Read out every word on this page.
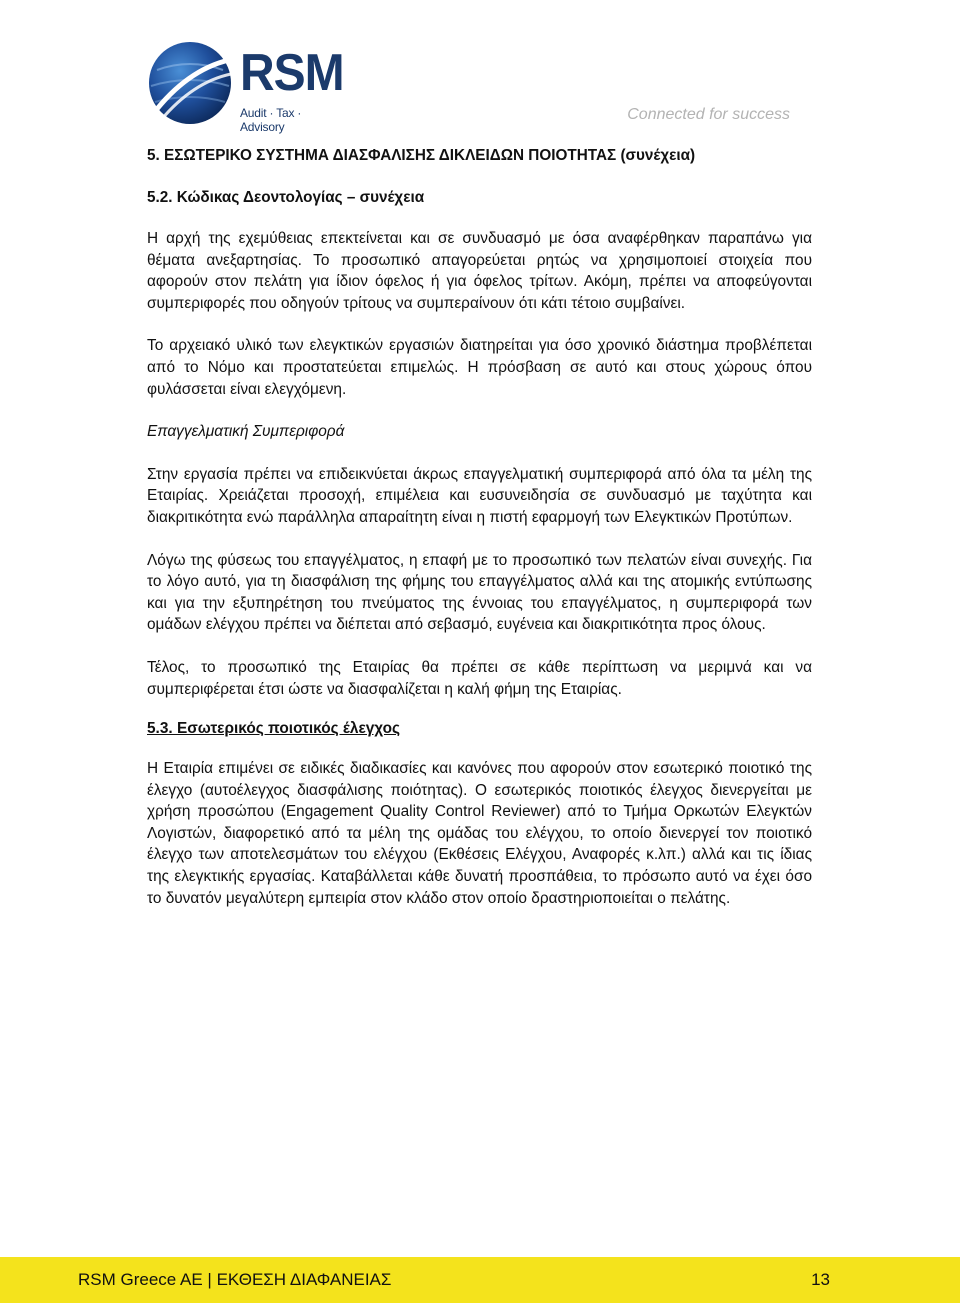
RSM
Audit · Tax · Advisory
Connected for success
5. ΕΣΩΤΕΡΙΚΟ ΣΥΣΤΗΜΑ ΔΙΑΣΦΑΛΙΣΗΣ ΔΙΚΛΕΙΔΩΝ ΠΟΙΟΤΗΤΑΣ (συνέχεια)
5.2. Κώδικας Δεοντολογίας – συνέχεια

Η αρχή της εχεμύθειας επεκτείνεται και σε συνδυασμό με όσα αναφέρθηκαν παραπάνω για θέματα ανεξαρτησίας. Το προσωπικό απαγορεύεται ρητώς να χρησιμοποιεί στοιχεία που αφορούν στον πελάτη για ίδιον όφελος ή για όφελος τρίτων. Ακόμη, πρέπει να αποφεύγονται συμπεριφορές που οδηγούν τρίτους να συμπεραίνουν ότι κάτι τέτοιο συμβαίνει.

Το αρχειακό υλικό των ελεγκτικών εργασιών διατηρείται για όσο χρονικό διάστημα προβλέπεται από το Νόμο και προστατεύεται επιμελώς. Η πρόσβαση σε αυτό και στους χώρους όπου φυλάσσεται είναι ελεγχόμενη.

Επαγγελματική Συμπεριφορά

Στην εργασία πρέπει να επιδεικνύεται άκρως επαγγελματική συμπεριφορά από όλα τα μέλη της Εταιρίας. Χρειάζεται προσοχή, επιμέλεια και ευσυνειδησία σε συνδυασμό με ταχύτητα και διακριτικότητα ενώ παράλληλα απαραίτητη είναι η πιστή εφαρμογή των Ελεγκτικών Προτύπων.

Λόγω της φύσεως του επαγγέλματος, η επαφή με το προσωπικό των πελατών είναι συνεχής. Για το λόγο αυτό, για τη διασφάλιση της φήμης του επαγγέλματος αλλά και της ατομικής εντύπωσης και για την εξυπηρέτηση του πνεύματος της έννοιας του επαγγέλματος, η συμπεριφορά των ομάδων ελέγχου πρέπει να διέπεται από σεβασμό, ευγένεια και διακριτικότητα προς όλους.

Τέλος, το προσωπικό της Εταιρίας θα πρέπει σε κάθε περίπτωση να μεριμνά και να συμπεριφέρεται έτσι ώστε να διασφαλίζεται η καλή φήμη της Εταιρίας.

5.3. Εσωτερικός ποιοτικός έλεγχος

Η Εταιρία επιμένει σε ειδικές διαδικασίες και κανόνες που αφορούν στον εσωτερικό ποιοτικό της έλεγχο (αυτοέλεγχος διασφάλισης ποιότητας). Ο εσωτερικός ποιοτικός έλεγχος διενεργείται με χρήση προσώπου (Engagement Quality Control Reviewer) από το Τμήμα Ορκωτών Ελεγκτών Λογιστών, διαφορετικό από τα μέλη της ομάδας του ελέγχου, το οποίο διενεργεί τον ποιοτικό έλεγχο των αποτελεσμάτων του ελέγχου (Εκθέσεις Ελέγχου, Αναφορές κ.λπ.) αλλά και τις ίδιας της ελεγκτικής εργασίας. Καταβάλλεται κάθε δυνατή προσπάθεια, το πρόσωπο αυτό να έχει όσο το δυνατόν μεγαλύτερη εμπειρία στον κλάδο στον οποίο δραστηριοποιείται ο πελάτης.

RSM Greece AE | ΕΚΘΕΣΗ ΔΙΑΦΑΝΕΙΑΣ	13
